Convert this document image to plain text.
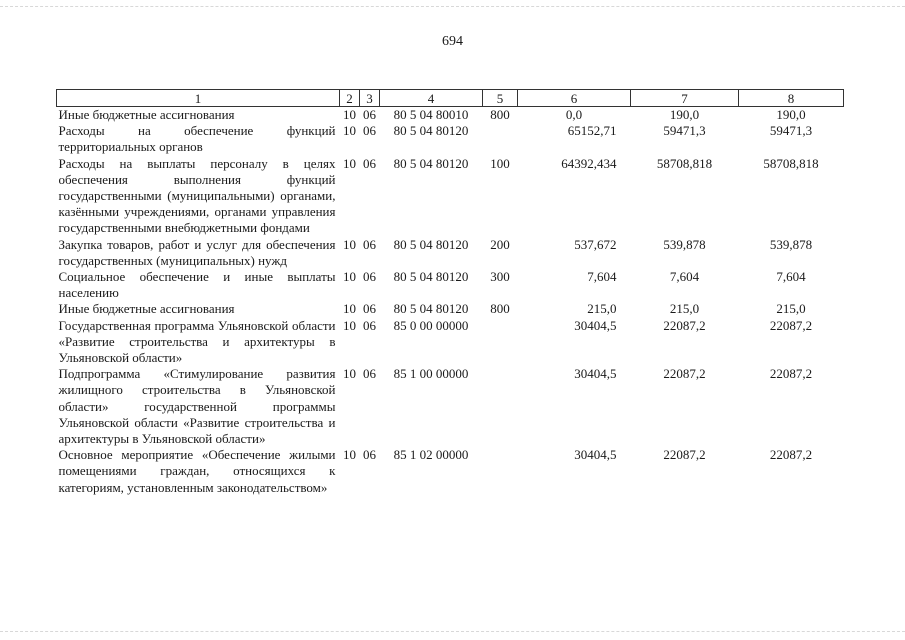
694
1	2	3	4	5	6	7	8
Иные бюджетные ассигнования	10	06	80 5 04 80010	800	0,0	190,0	190,0
Расходы на обеспечение функций территориальных органов	10	06	80 5 04 80120		65152,71	59471,3	59471,3
Расходы на выплаты персоналу в целях обеспечения выполнения функций государственными (муниципальными) органами, казёнными учреждениями, органами управления государственными внебюджетными фондами	10	06	80 5 04 80120	100	64392,434	58708,818	58708,818
Закупка товаров, работ и услуг для обеспечения государственных (муниципальных) нужд	10	06	80 5 04 80120	200	537,672	539,878	539,878
Социальное обеспечение и иные выплаты населению	10	06	80 5 04 80120	300	7,604	7,604	7,604
Иные бюджетные ассигнования	10	06	80 5 04 80120	800	215,0	215,0	215,0
Государственная программа Ульяновской области «Развитие строительства и архитектуры в Ульяновской области»	10	06	85 0 00 00000		30404,5	22087,2	22087,2
Подпрограмма «Стимулирование развития жилищного строительства в Ульяновской области» государственной программы Ульяновской области «Развитие строительства и архитектуры в Ульяновской области»	10	06	85 1 00 00000		30404,5	22087,2	22087,2
Основное мероприятие «Обеспечение жилыми помещениями граждан, относящихся к категориям, установленным законодательством»	10	06	85 1 02 00000		30404,5	22087,2	22087,2
